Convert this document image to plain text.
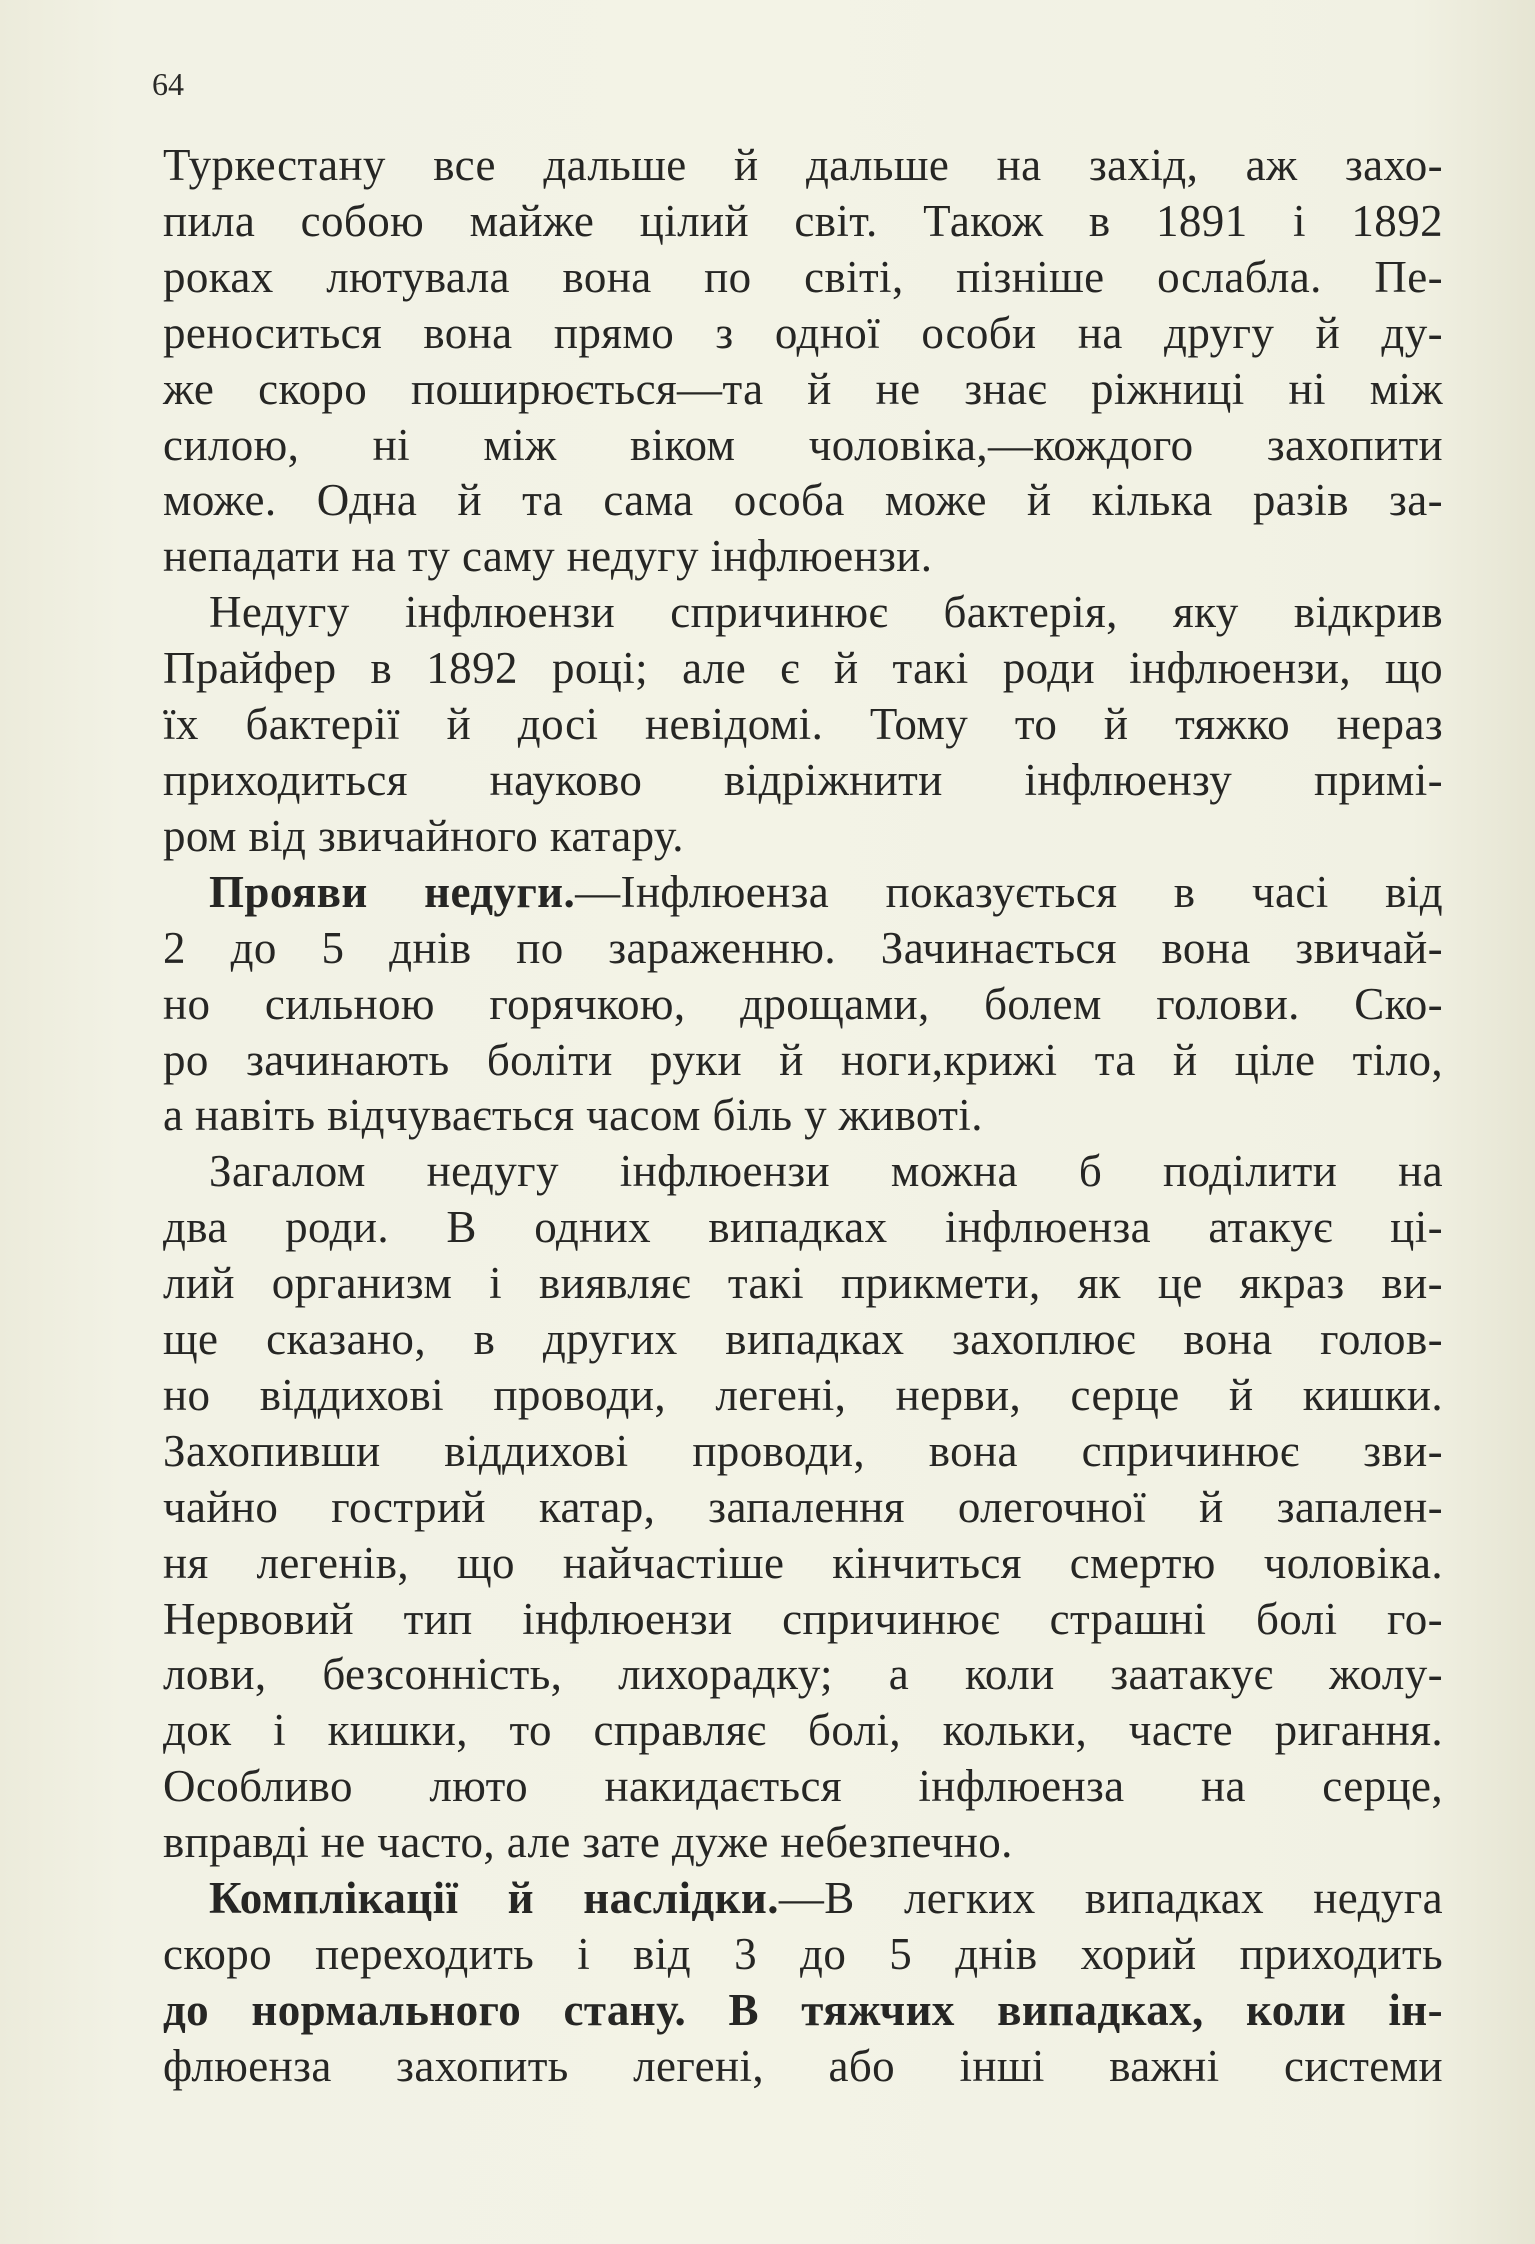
64
Туркестану все дальше й дальше на захід, аж захо-
пила собою майже цілий світ. Також в 1891 і 1892
роках лютувала вона по світі, пізніше ослабла. Пе-
реноситься вона прямо з одної особи на другу й ду-
же скоро поширюється—та й не знає ріжниці ні між
силою, ні між віком чоловіка,—кождого захопити
може. Одна й та сама особа може й кілька разів за-
непадати на ту саму недугу інфлюензи.
Недугу інфлюензи спричинює бактерія, яку відкрив
Прайфер в 1892 році; але є й такі роди інфлюензи, що
їх бактерії й досі невідомі. Тому то й тяжко нераз
приходиться науково відріжнити інфлюензу примі-
ром від звичайного катару.
Прояви недуги.—Інфлюенза показується в часі від
2 до 5 днів по зараженню. Зачинається вона звичай-
но сильною горячкою, дрощами, болем голови. Ско-
ро зачинають боліти руки й ноги,крижі та й ціле тіло,
а навіть відчувається часом біль у животі.
Загалом недугу інфлюензи можна б поділити на
два роди. В одних випадках інфлюенза атакує ці-
лий организм і виявляє такі прикмети, як це якраз ви-
ще сказано, в других випадках захоплює вона голов-
но віддихові проводи, легені, нерви, серце й кишки.
Захопивши віддихові проводи, вона спричинює зви-
чайно гострий катар, запалення олегочної й запален-
ня легенів, що найчастіше кінчиться смертю чоловіка.
Нервовий тип інфлюензи спричинює страшні болі го-
лови, безсонність, лихорадку; а коли заатакує жолу-
док і кишки, то справляє болі, кольки, часте ригання.
Особливо люто накидається інфлюенза на серце,
вправді не часто, але зате дуже небезпечно.
Комплікації й наслідки.—В легких випадках недуга
скоро переходить і від 3 до 5 днів хорий приходить
до нормального стану. В тяжчих випадках, коли ін-
флюенза захопить легені, або інші важні системи
